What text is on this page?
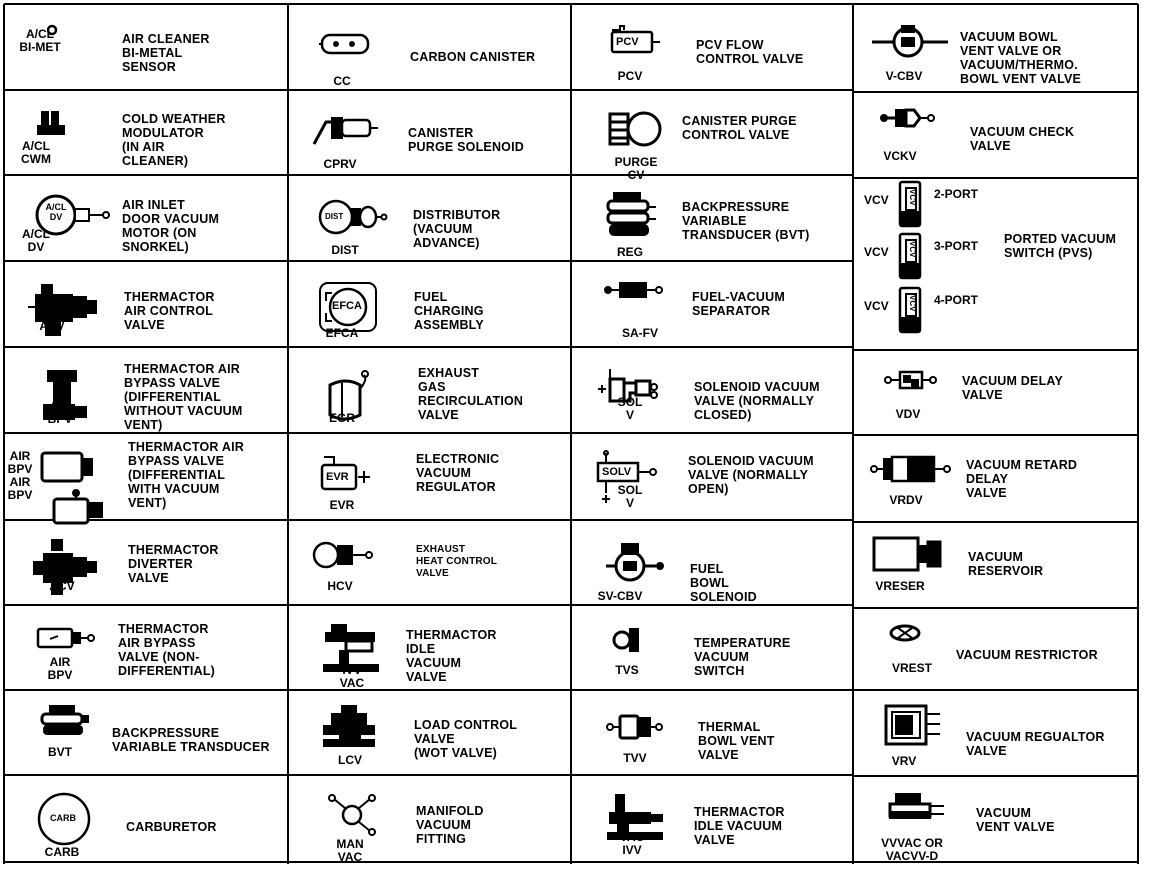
A/CL
BI-MET
AIR CLEANER
BI-METAL
SENSOR
A/CL
CWM
COLD WEATHER
MODULATOR
(IN AIR
CLEANER)
A/CL
DV
A/CL
DV
AIR INLET
DOOR VACUUM
MOTOR (ON
SNORKEL)
ACV
THERMACTOR
AIR CONTROL
VALVE
AIR
BPV
THERMACTOR AIR
BYPASS VALVE
(DIFFERENTIAL
WITHOUT VACUUM
VENT)
AIR
BPV
AIR
BPV
THERMACTOR AIR
BYPASS VALVE
(DIFFERENTIAL
WITH VACUUM
VENT)
ACV
THERMACTOR
DIVERTER
VALVE
AIR
BPV
THERMACTOR
AIR BYPASS
VALVE (NON-
DIFFERENTIAL)
BVT
BACKPRESSURE
VARIABLE TRANSDUCER
CARB
CARB
CARBURETOR
CC
CARBON CANISTER
CPRV
CANISTER
PURGE SOLENOID
DIST
DIST
DISTRIBUTOR
(VACUUM
ADVANCE)
EFCA
EFCA
FUEL
CHARGING
ASSEMBLY
EGR
EXHAUST
GAS
RECIRCULATION
VALVE
EVR
EVR
ELECTRONIC
VACUUM
REGULATOR
HCV
EXHAUST
HEAT CONTROL
VALVE
IVV
VAC
THERMACTOR
IDLE
VACUUM
VALVE
LCV
LOAD CONTROL
VALVE
(WOT VALVE)
MAN
VAC
MANIFOLD
VACUUM
FITTING
PCV
PCV
PCV FLOW
CONTROL VALVE
PURGE
CV
CANISTER PURGE
CONTROL VALVE
REG
BACKPRESSURE
VARIABLE
TRANSDUCER (BVT)
SA-FV
FUEL-VACUUM
SEPARATOR
SOL
V
SOLENOID VACUUM
VALVE (NORMALLY
CLOSED)
SOLV
SOL
V
SOLENOID VACUUM
VALVE (NORMALLY
OPEN)
SV-CBV
FUEL
BOWL
SOLENOID
TVS
TEMPERATURE
VACUUM
SWITCH
TVV
THERMAL
BOWL VENT
VALVE
VAC
IVV
THERMACTOR
IDLE VACUUM
VALVE
V-CBV
VACUUM BOWL
VENT VALVE OR
VACUUM/THERMO.
BOWL VENT VALVE
VCKV
VACUUM CHECK
VALVE
VCV VCV 2-PORT
VCV VCV 3-PORT
VCV VCV 4-PORT
PORTED VACUUM
SWITCH (PVS)
VDV
VACUUM DELAY
VALVE
VRDV
VACUUM RETARD
DELAY
VALVE
VRESER
VACUUM
RESERVOIR
VREST
VACUUM RESTRICTOR
VRV
VACUUM REGUALTOR
VALVE
VVVAC OR
VACVV-D
VACUUM
VENT VALVE
